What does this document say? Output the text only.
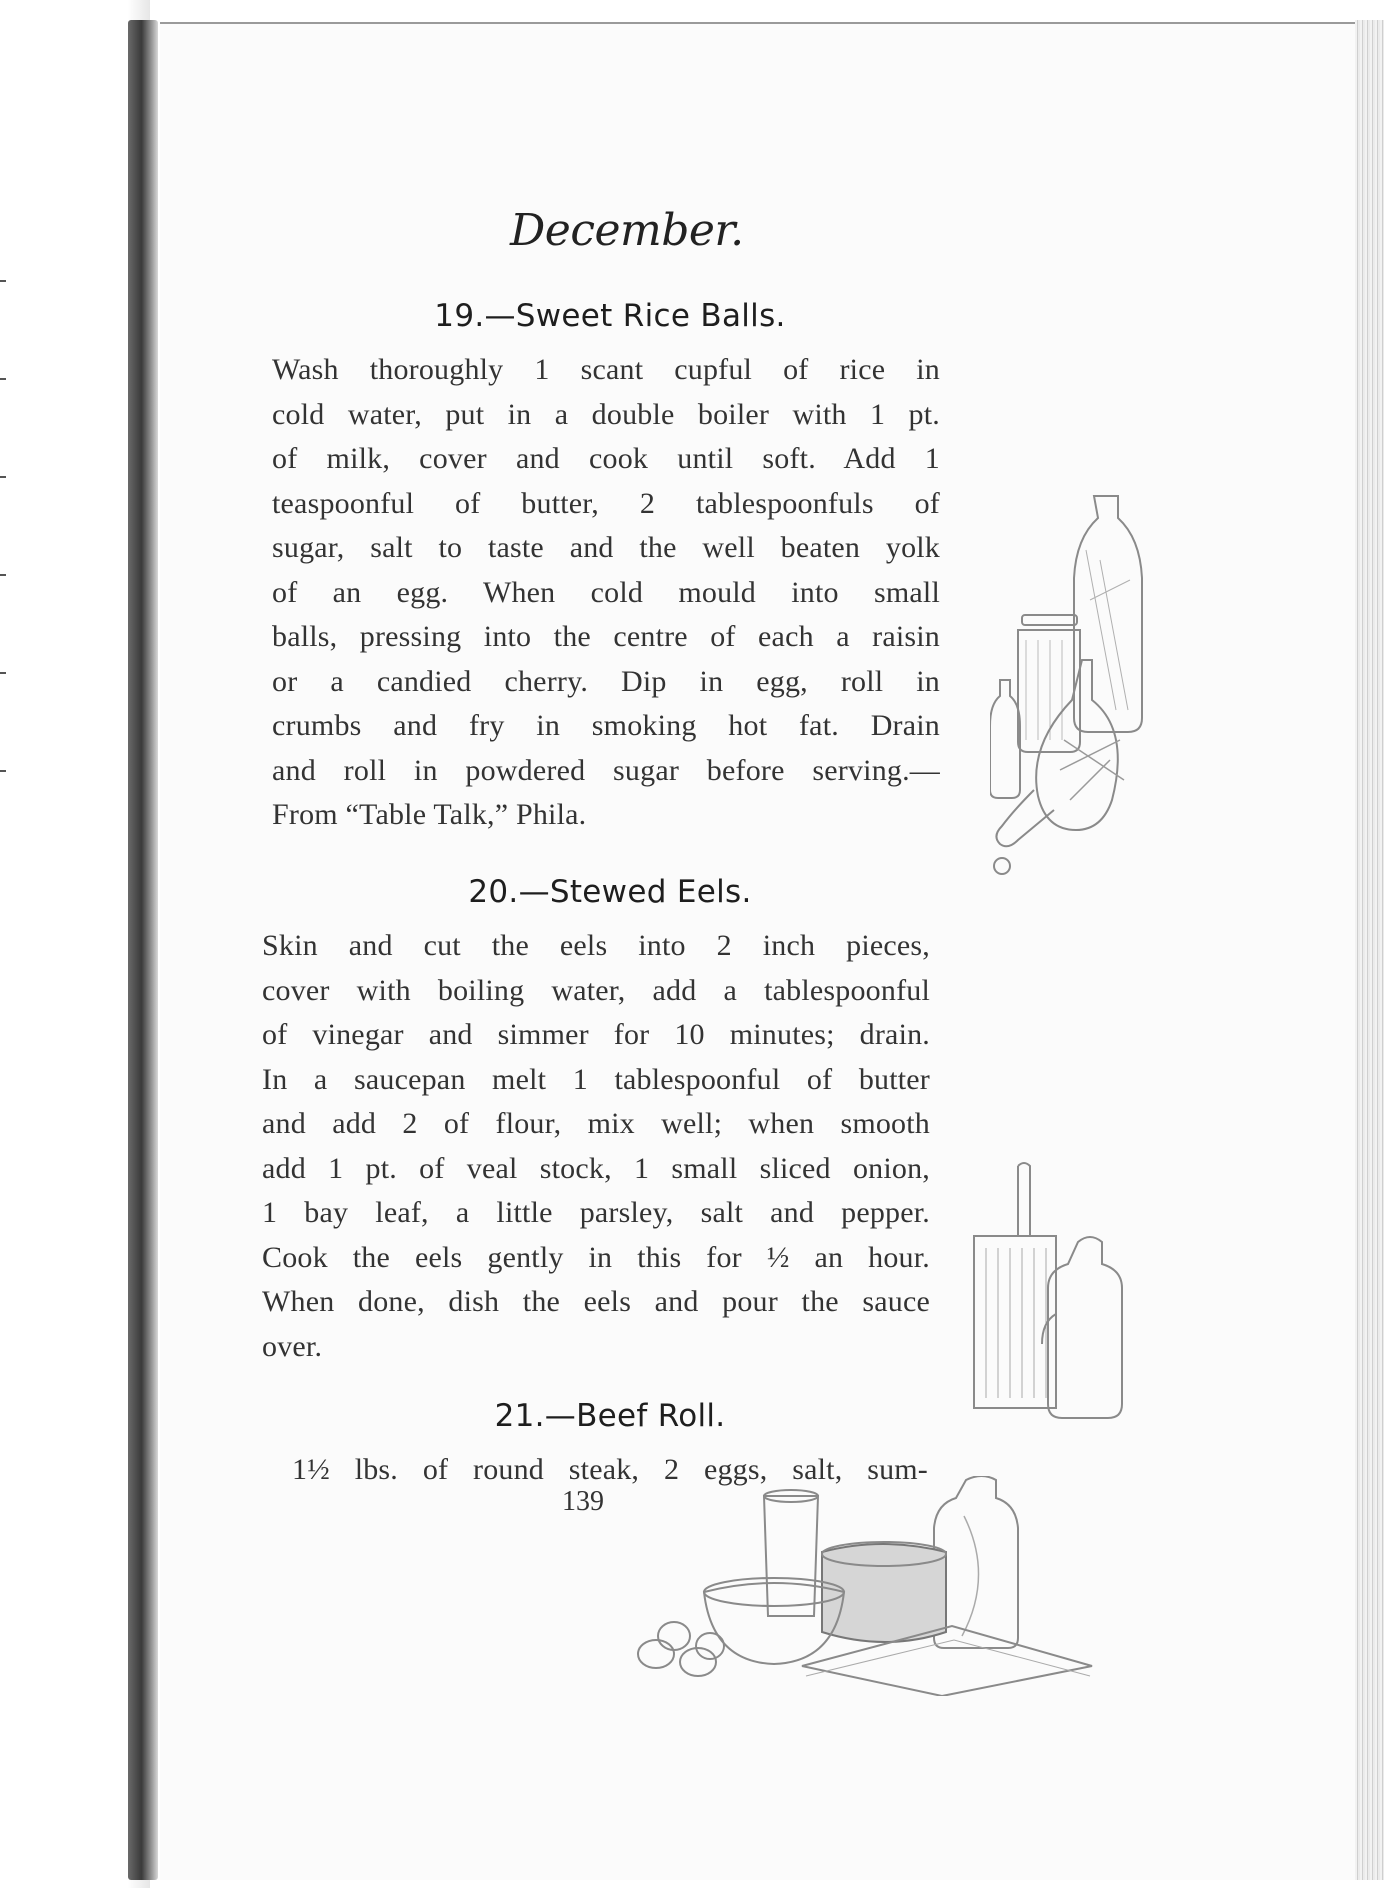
December.
19.—Sweet Rice Balls.
Wash thoroughly 1 scant cupful of rice in
cold water, put in a double boiler with 1 pt.
of milk, cover and cook until soft. Add 1
teaspoonful of butter, 2 tablespoonfuls of
sugar, salt to taste and the well beaten yolk
of an egg. When cold mould into small
balls, pressing into the centre of each a raisin
or a candied cherry. Dip in egg, roll in
crumbs and fry in smoking hot fat. Drain
and roll in powdered sugar before serving.—
From “Table Talk,” Phila.
20.—Stewed Eels.
Skin and cut the eels into 2 inch pieces,
cover with boiling water, add a tablespoonful
of vinegar and simmer for 10 minutes; drain.
In a saucepan melt 1 tablespoonful of butter
and add 2 of flour, mix well; when smooth
add 1 pt. of veal stock, 1 small sliced onion,
1 bay leaf, a little parsley, salt and pepper.
Cook the eels gently in this for ½ an hour.
When done, dish the eels and pour the sauce
over.
21.—Beef Roll.
1½ lbs. of round steak, 2 eggs, salt, sum-
139
